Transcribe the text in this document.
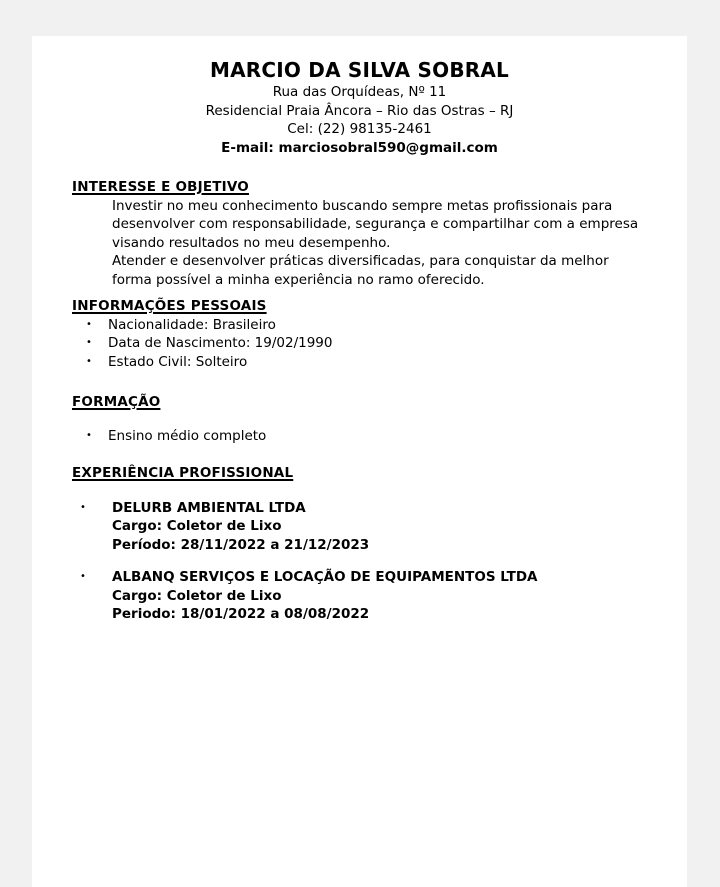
MARCIO DA SILVA SOBRAL
Rua das Orquídeas, Nº 11
Residencial Praia Âncora – Rio das Ostras – RJ
Cel: (22) 98135-2461
E-mail: marciosobral590@gmail.com
INTERESSE E OBJETIVO
Investir no meu conhecimento buscando sempre metas profissionais para desenvolver com responsabilidade, segurança e compartilhar com a empresa visando resultados no meu desempenho.
Atender e desenvolver práticas diversificadas, para conquistar da melhor forma possível a minha experiência no ramo oferecido.
INFORMAÇÕES PESSOAIS
•	Nacionalidade: Brasileiro
•	Data de Nascimento: 19/02/1990
•	Estado Civil: Solteiro
FORMAÇÃO
•	Ensino médio completo
EXPERIÊNCIA PROFISSIONAL
•	DELURB AMBIENTAL LTDA
Cargo: Coletor de Lixo
Período: 28/11/2022 a 21/12/2023
•	ALBANQ SERVIÇOS E LOCAÇÃO DE EQUIPAMENTOS LTDA
Cargo: Coletor de Lixo
Periodo: 18/01/2022 a 08/08/2022
